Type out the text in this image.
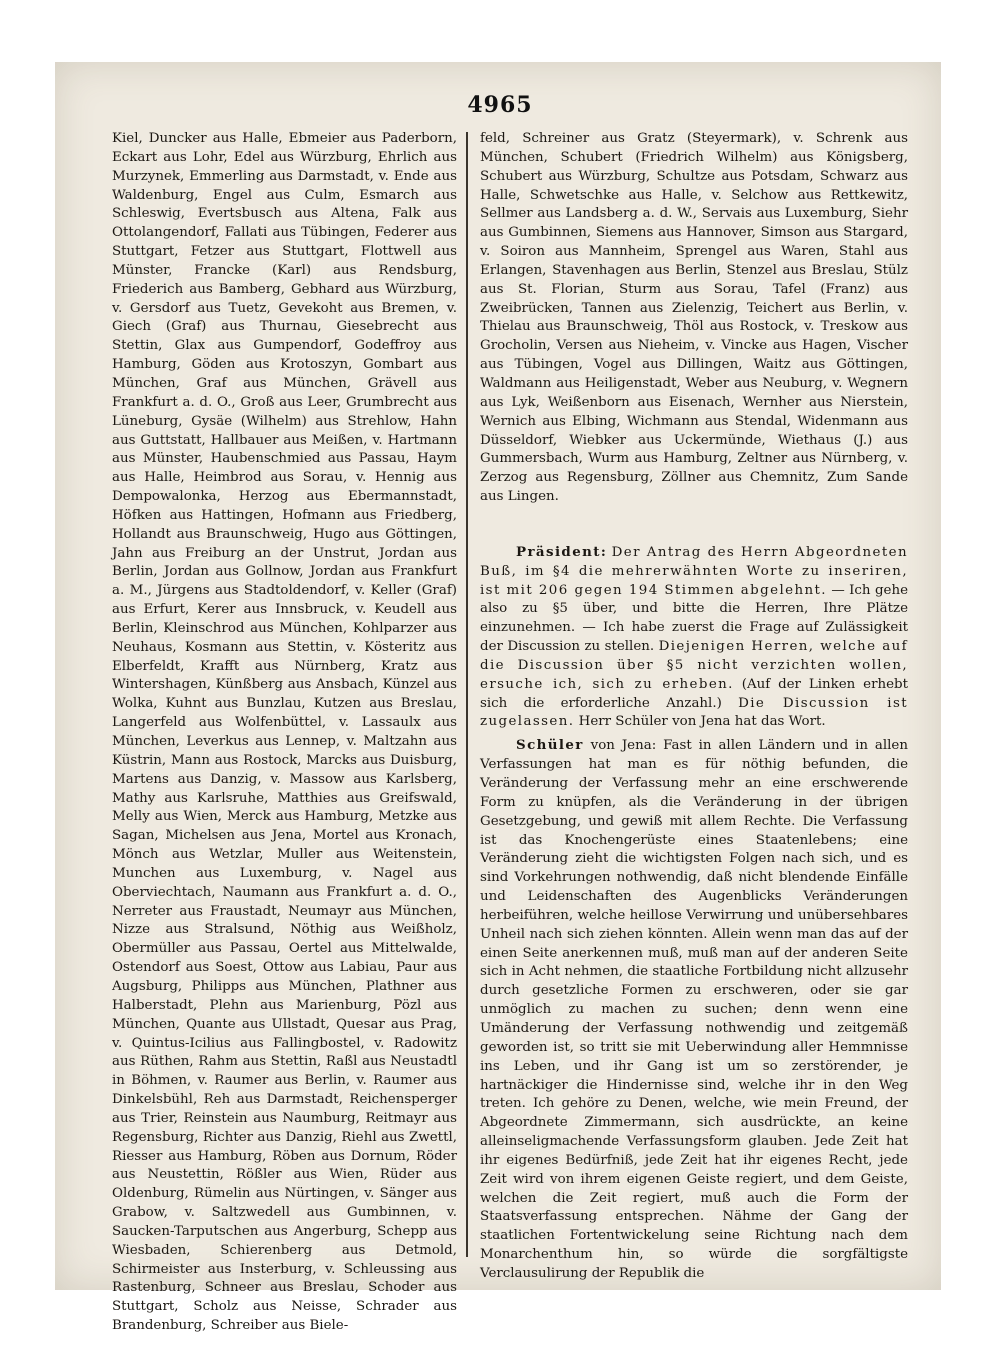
4965

Kiel, Duncker aus Halle, Ebmeier aus Paderborn, Eckart aus Lohr, Edel aus Würzburg, Ehrlich aus Murzynek, Emmerling aus Darmstadt, v. Ende aus Waldenburg, Engel aus Culm, Esmarch aus Schleswig, Evertsbusch aus Altena, Falk aus Ottolangendorf, Fallati aus Tübingen, Federer aus Stuttgart, Fetzer aus Stuttgart, Flottwell aus Münster, Francke (Karl) aus Rendsburg, Friederich aus Bamberg, Gebhard aus Würzburg, v. Gersdorf aus Tuetz, Gevekoht aus Bremen, v. Giech (Graf) aus Thurnau, Giesebrecht aus Stettin, Glax aus Gumpendorf, Godeffroy aus Hamburg, Göden aus Krotoszyn, Gombart aus München, Graf aus München, Grävell aus Frankfurt a. d. O., Groß aus Leer, Grumbrecht aus Lüneburg, Gysäe (Wilhelm) aus Strehlow, Hahn aus Guttstatt, Hallbauer aus Meißen, v. Hartmann aus Münster, Haubenschmied aus Passau, Haym aus Halle, Heimbrod aus Sorau, v. Hennig aus Dempowalonka, Herzog aus Ebermannstadt, Höfken aus Hattingen, Hofmann aus Friedberg, Hollandt aus Braunschweig, Hugo aus Göttingen, Jahn aus Freiburg an der Unstrut, Jordan aus Berlin, Jordan aus Gollnow, Jordan aus Frankfurt a. M., Jürgens aus Stadtoldendorf, v. Keller (Graf) aus Erfurt, Kerer aus Innsbruck, v. Keudell aus Berlin, Kleinschrod aus München, Kohlparzer aus Neuhaus, Kosmann aus Stettin, v. Kösteritz aus Elberfeldt, Krafft aus Nürnberg, Kratz aus Wintershagen, Künßberg aus Ansbach, Künzel aus Wolka, Kuhnt aus Bunzlau, Kutzen aus Breslau, Langerfeld aus Wolfenbüttel, v. Lassaulx aus München, Leverkus aus Lennep, v. Maltzahn aus Küstrin, Mann aus Rostock, Marcks aus Duisburg, Martens aus Danzig, v. Massow aus Karlsberg, Mathy aus Karlsruhe, Matthies aus Greifswald, Melly aus Wien, Merck aus Hamburg, Metzke aus Sagan, Michelsen aus Jena, Mortel aus Kronach, Mönch aus Wetzlar, Muller aus Weitenstein, Munchen aus Luxemburg, v. Nagel aus Oberviechtach, Naumann aus Frankfurt a. d. O., Nerreter aus Fraustadt, Neumayr aus München, Nizze aus Stralsund, Nöthig aus Weißholz, Obermüller aus Passau, Oertel aus Mittelwalde, Ostendorf aus Soest, Ottow aus Labiau, Paur aus Augsburg, Philipps aus München, Plathner aus Halberstadt, Plehn aus Marienburg, Pözl aus München, Quante aus Ullstadt, Quesar aus Prag, v. Quintus-Icilius aus Fallingbostel, v. Radowitz aus Rüthen, Rahm aus Stettin, Raßl aus Neustadtl in Böhmen, v. Raumer aus Berlin, v. Raumer aus Dinkelsbühl, Reh aus Darmstadt, Reichensperger aus Trier, Reinstein aus Naumburg, Reitmayr aus Regensburg, Richter aus Danzig, Riehl aus Zwettl, Riesser aus Hamburg, Röben aus Dornum, Röder aus Neustettin, Rößler aus Wien, Rüder aus Oldenburg, Rümelin aus Nürtingen, v. Sänger aus Grabow, v. Saltzwedell aus Gumbinnen, v. Saucken-Tarputschen aus Angerburg, Schepp aus Wiesbaden, Schierenberg aus Detmold, Schirmeister aus Insterburg, v. Schleussing aus Rastenburg, Schneer aus Breslau, Schoder aus Stuttgart, Scholz aus Neisse, Schrader aus Brandenburg, Schreiber aus Biele-

feld, Schreiner aus Gratz (Steyermark), v. Schrenk aus München, Schubert (Friedrich Wilhelm) aus Königsberg, Schubert aus Würzburg, Schultze aus Potsdam, Schwarz aus Halle, Schwetschke aus Halle, v. Selchow aus Rettkewitz, Sellmer aus Landsberg a. d. W., Servais aus Luxemburg, Siehr aus Gumbinnen, Siemens aus Hannover, Simson aus Stargard, v. Soiron aus Mannheim, Sprengel aus Waren, Stahl aus Erlangen, Stavenhagen aus Berlin, Stenzel aus Breslau, Stülz aus St. Florian, Sturm aus Sorau, Tafel (Franz) aus Zweibrücken, Tannen aus Zielenzig, Teichert aus Berlin, v. Thielau aus Braunschweig, Thöl aus Rostock, v. Treskow aus Grocholin, Versen aus Nieheim, v. Vincke aus Hagen, Vischer aus Tübingen, Vogel aus Dillingen, Waitz aus Göttingen, Waldmann aus Heiligenstadt, Weber aus Neuburg, v. Wegnern aus Lyk, Weißenborn aus Eisenach, Wernher aus Nierstein, Wernich aus Elbing, Wichmann aus Stendal, Widenmann aus Düsseldorf, Wiebker aus Uckermünde, Wiethaus (J.) aus Gummersbach, Wurm aus Hamburg, Zeltner aus Nürnberg, v. Zerzog aus Regensburg, Zöllner aus Chemnitz, Zum Sande aus Lingen.

Präsident: Der Antrag des Herrn Abgeordneten Buß, im §4 die mehrerwähnten Worte zu inseriren, ist mit 206 gegen 194 Stimmen abgelehnt. — Ich gehe also zu §5 über, und bitte die Herren, Ihre Plätze einzunehmen. — Ich habe zuerst die Frage auf Zulässigkeit der Discussion zu stellen. Diejenigen Herren, welche auf die Discussion über §5 nicht verzichten wollen, ersuche ich, sich zu erheben. (Auf der Linken erhebt sich die erforderliche Anzahl.) Die Discussion ist zugelassen. Herr Schüler von Jena hat das Wort.

Schüler von Jena: Fast in allen Ländern und in allen Verfassungen hat man es für nöthig befunden, die Veränderung der Verfassung mehr an eine erschwerende Form zu knüpfen, als die Veränderung in der übrigen Gesetzgebung, und gewiß mit allem Rechte. Die Verfassung ist das Knochengerüste eines Staatenlebens; eine Veränderung zieht die wichtigsten Folgen nach sich, und es sind Vorkehrungen nothwendig, daß nicht blendende Einfälle und Leidenschaften des Augenblicks Veränderungen herbeiführen, welche heillose Verwirrung und unübersehbares Unheil nach sich ziehen könnten. Allein wenn man das auf der einen Seite anerkennen muß, muß man auf der anderen Seite sich in Acht nehmen, die staatliche Fortbildung nicht allzusehr durch gesetzliche Formen zu erschweren, oder sie gar unmöglich zu machen zu suchen; denn wenn eine Umänderung der Verfassung nothwendig und zeitgemäß geworden ist, so tritt sie mit Ueberwindung aller Hemmnisse ins Leben, und ihr Gang ist um so zerstörender, je hartnäckiger die Hindernisse sind, welche ihr in den Weg treten. Ich gehöre zu Denen, welche, wie mein Freund, der Abgeordnete Zimmermann, sich ausdrückte, an keine alleinseligmachende Verfassungsform glauben. Jede Zeit hat ihr eigenes Bedürfniß, jede Zeit hat ihr eigenes Recht, jede Zeit wird von ihrem eigenen Geiste regiert, und dem Geiste, welchen die Zeit regiert, muß auch die Form der Staatsverfassung entsprechen. Nähme der Gang der staatlichen Fortentwickelung seine Richtung nach dem Monarchenthum hin, so würde die sorgfältigste Verclausulirung der Republik die
